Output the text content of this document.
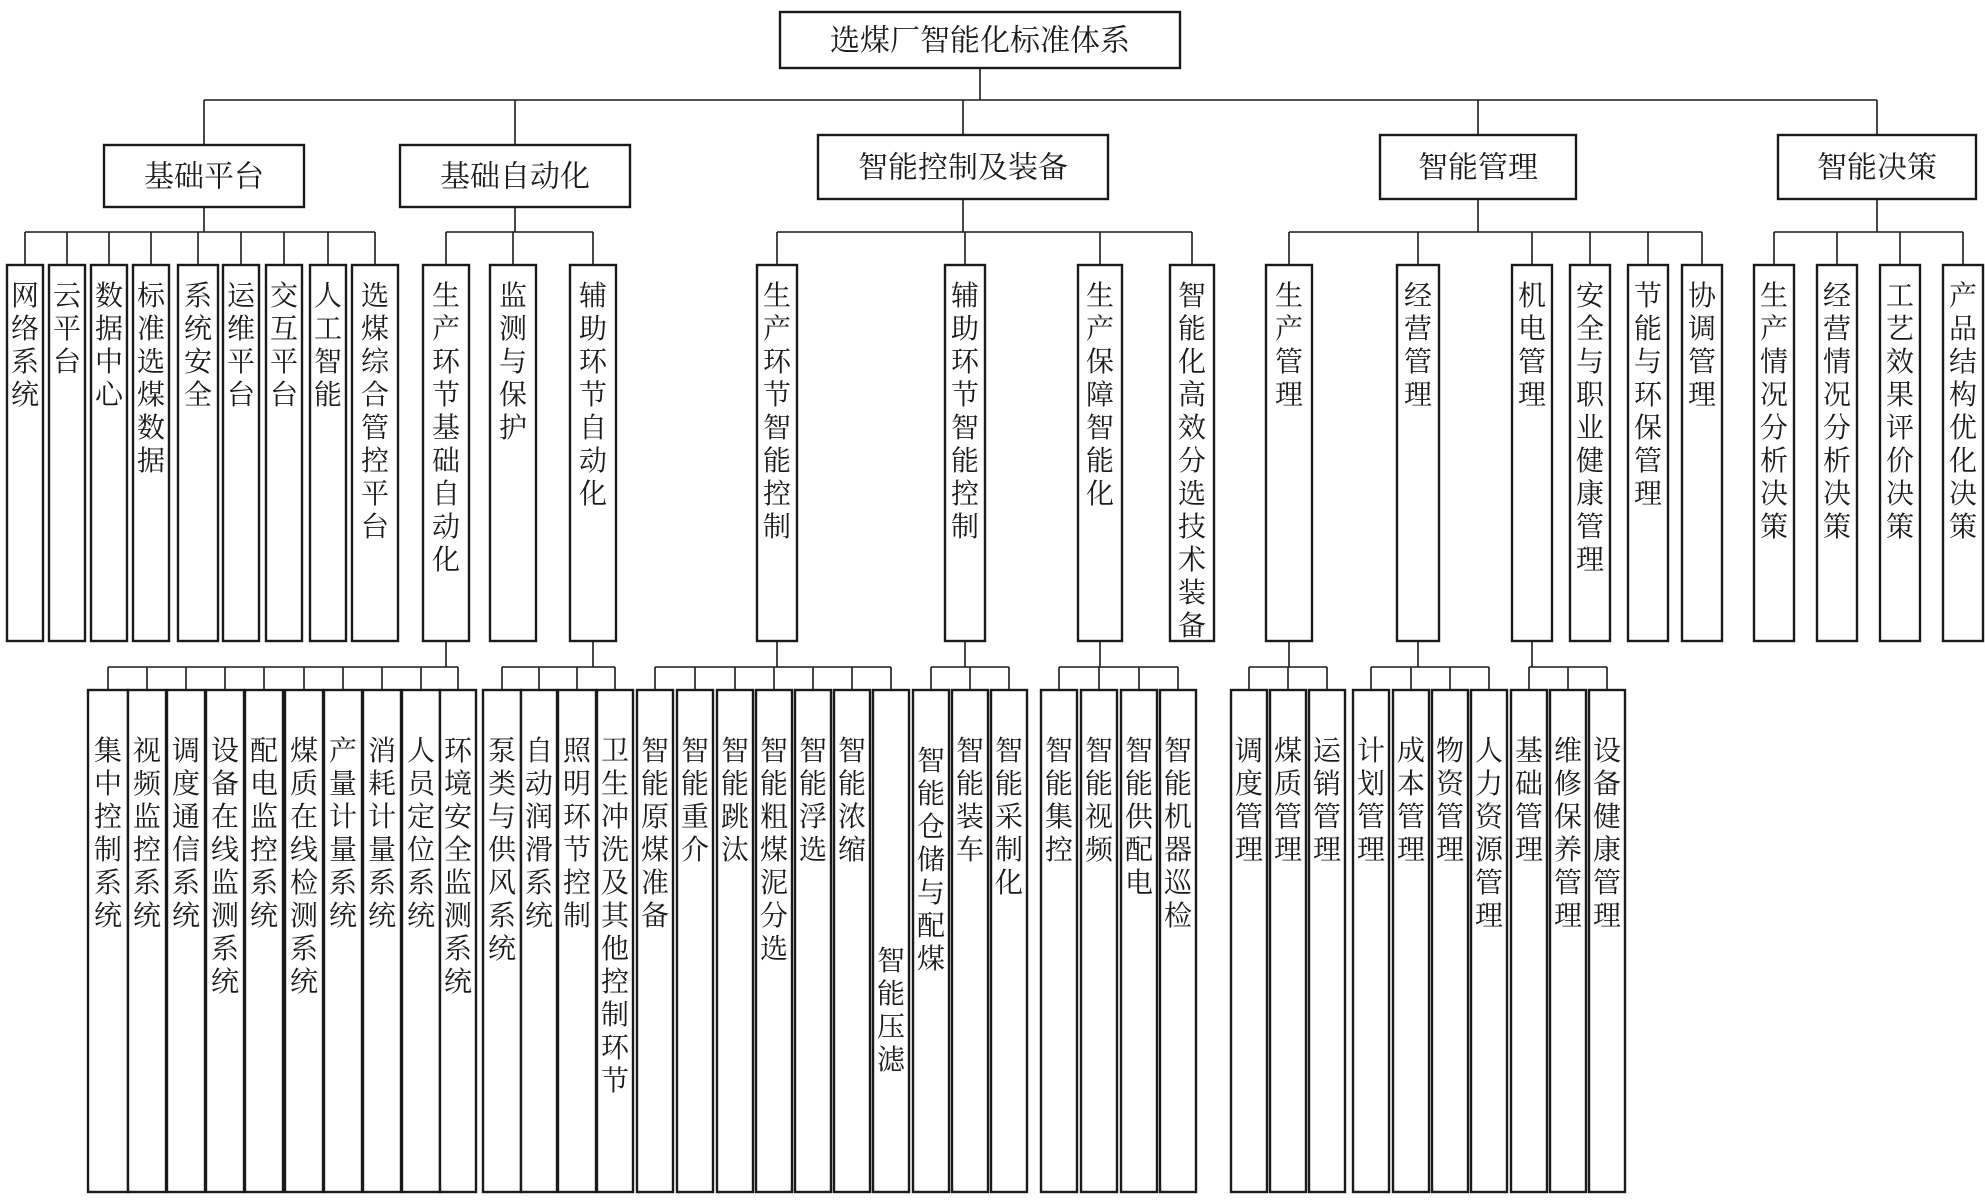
选煤厂智能化标准体系
基础平台
网络系统
云平台
数据中心
标准选煤数据
系统安全
运维平台
交互平台
人工智能
选煤综合管控平台
基础自动化
生产环节基础自动化
集中控制系统
视频监控系统
调度通信系统
设备在线监测系统
配电监控系统
煤质在线检测系统
产量计量系统
消耗计量系统
人员定位系统
环境安全监测系统
监测与保护
辅助环节自动化
泵类与供风系统
自动润滑系统
照明环节控制
卫生冲洗及其他控制环节
智能控制及装备
生产环节智能控制
智能原煤准备
智能重介
智能跳汰
智能粗煤泥分选
智能浮选
智能浓缩
智能压滤
辅助环节智能控制
智能仓储与配煤
智能装车
智能采制化
生产保障智能化
智能集控
智能视频
智能供配电
智能机器巡检
智能化高效分选技术装备
智能管理
生产管理
调度管理
煤质管理
运销管理
经营管理
计划管理
成本管理
物资管理
人力资源管理
机电管理
基础管理
维修保养管理
设备健康管理
安全与职业健康管理
节能与环保管理
协调管理
智能决策
生产情况分析决策
经营情况分析决策
工艺效果评价决策
产品结构优化决策
